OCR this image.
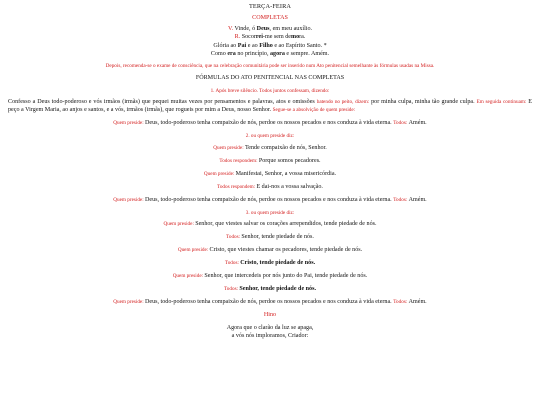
TERÇA-FEIRA
COMPLETAS
V. Vinde, ó Deus, em meu auxílio.
R. Socorrei-me sem demora.
Glória ao Pai e ao Filho e ao Espírito Santo. *
Como era no princípio, agora e sempre. Amém.
Depois, recomenda-se o exame de consciência, que na celebração comunitária pode ser inserido num Ato penitencial semelhante às fórmulas usadas na Missa.
FÓRMULAS DO ATO PENITENCIAL NAS COMPLETAS
1. Após breve silêncio. Todos juntos confessam, dizendo:
Confesso a Deus todo-poderoso e vós irmãos (irmãs) que pequei muitas vezes por pensamentos e palavras, atos e omissões batendo no peito, dizem: por minha culpa, minha tão grande culpa. Em seguida continuam: E peço a Virgem Maria, ao anjos e santos, e a vós, irmãos (irmãs), que rogueis por mim a Deus, nosso Senhor. Segue-se a absolvição de quem preside:
Quem preside: Deus, todo-poderoso tenha compaixão de nós, perdoe os nossos pecados e nos conduza à vida eterna. Todos: Amém.
2. ou quem preside diz:
Quem preside: Tende compaixão de nós, Senhor.
Todos respondem: Porque somos pecadores.
Quem preside: Manifestai, Senhor, a vossa misericórdia.
Todos respondem: E dai-nos a vossa salvação.
Quem preside: Deus, todo-poderoso tenha compaixão de nós, perdoe os nossos pecados e nos conduza à vida eterna. Todos: Amém.
3. ou quem preside diz:
Quem preside: Senhor, que viestes salvar os corações arrependidos, tende piedade de nós.
Todos: Senhor, tende piedade de nós.
Quem preside: Cristo, que viestes chamar os pecadores, tende piedade de nós.
Todos: Cristo, tende piedade de nós.
Quem preside: Senhor, que intercedeis por nós junto do Pai, tende piedade de nós.
Todos: Senhor, tende piedade de nós.
Quem preside: Deus, todo-poderoso tenha compaixão de nós, perdoe os nossos pecados e nos conduza à vida eterna. Todos: Amém.
Hino
Agora que o clarão da luz se apaga,
a vós nós imploramos, Criador:
